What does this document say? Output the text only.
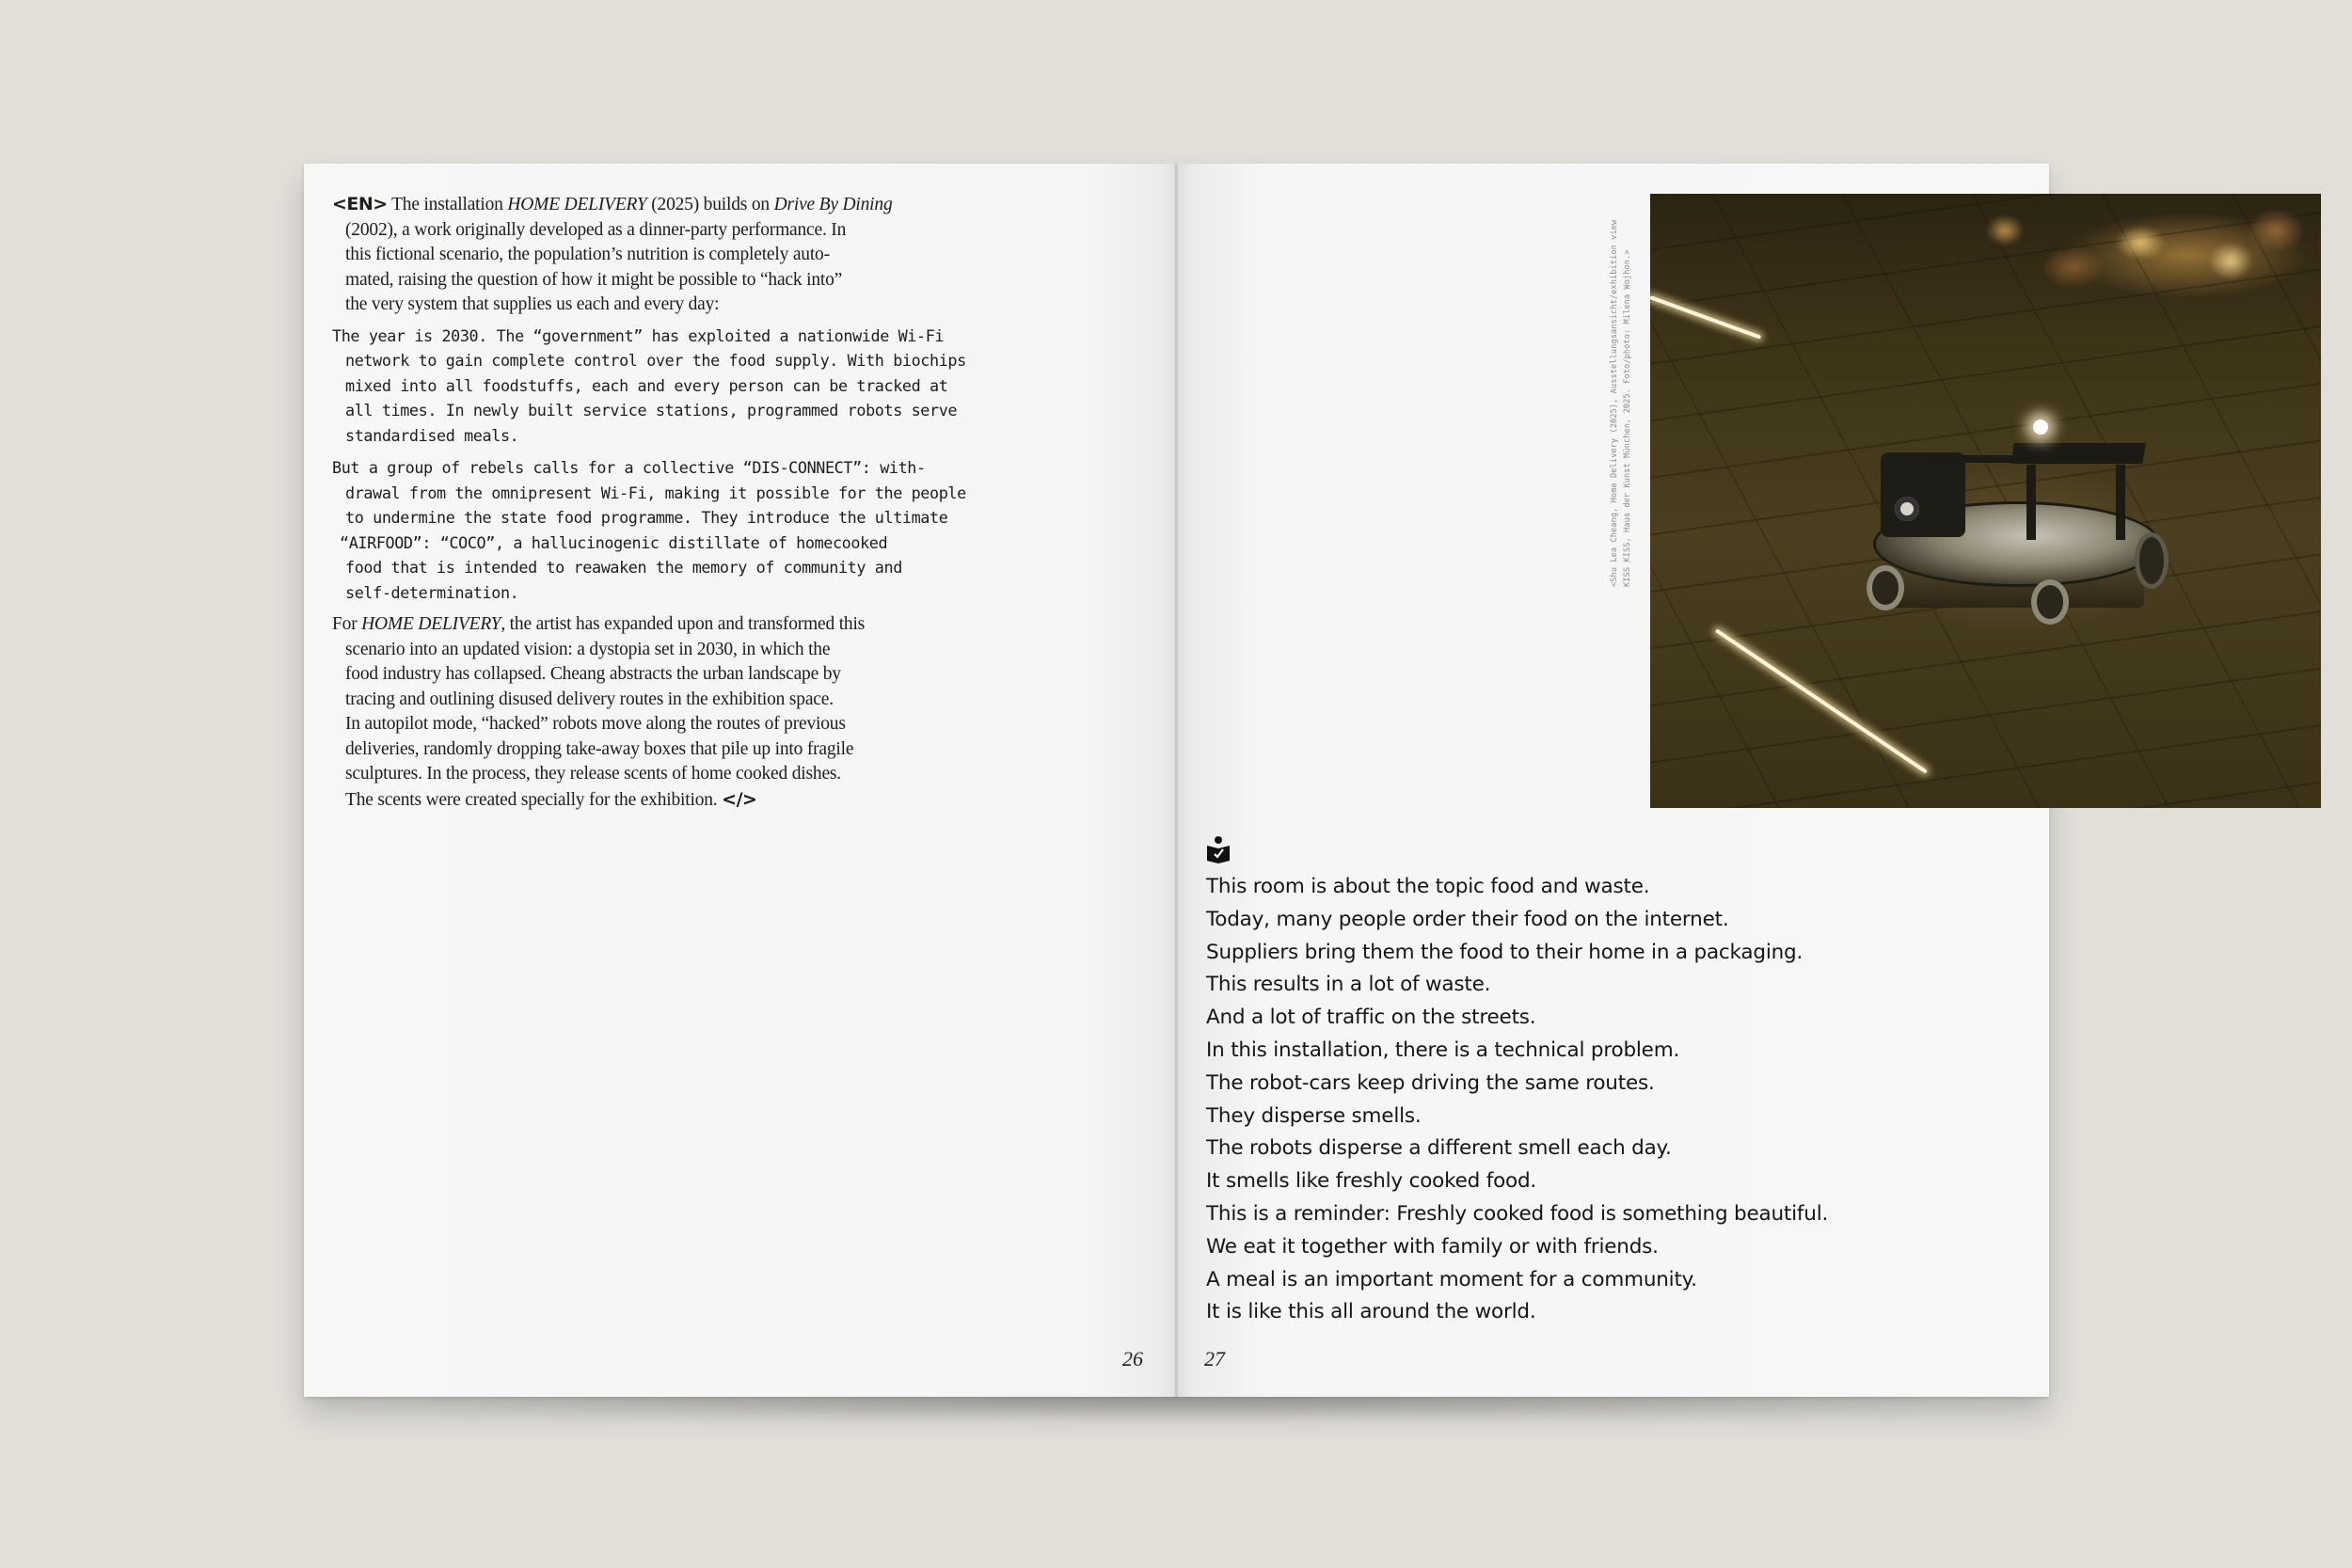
<EN> The installation HOME DELIVERY (2025) builds on Drive By Dining
(2002), a work originally developed as a dinner-party performance. In
this fictional scenario, the population’s nutrition is completely auto-
mated, raising the question of how it might be possible to “hack into”
the very system that supplies us each and every day:

The year is 2030. The “government” has exploited a nationwide Wi-Fi
network to gain complete control over the food supply. With biochips
mixed into all foodstuffs, each and every person can be tracked at
all times. In newly built service stations, programmed robots serve
standardised meals.

But a group of rebels calls for a collective “DIS-CONNECT”: with-
drawal from the omnipresent Wi-Fi, making it possible for the people
to undermine the state food programme. They introduce the ultimate
“AIRFOOD”: “COCO”, a hallucinogenic distillate of homecooked
food that is intended to reawaken the memory of community and
self-determination.

For HOME DELIVERY, the artist has expanded upon and transformed this
scenario into an updated vision: a dystopia set in 2030, in which the
food industry has collapsed. Cheang abstracts the urban landscape by
tracing and outlining disused delivery routes in the exhibition space.
In autopilot mode, “hacked” robots move along the routes of previous
deliveries, randomly dropping take-away boxes that pile up into fragile
sculptures. In the process, they release scents of home cooked dishes.
The scents were created specially for the exhibition. </>

26
<Shu Lea Cheang, Home Delivery (2025), Ausstellungsansicht/exhibition view KISS KISS, Haus der Kunst München, 2025. Foto/photo: Milena Wojhon.>
This room is about the topic food and waste.
Today, many people order their food on the internet.
Suppliers bring them the food to their home in a packaging.
This results in a lot of waste.
And a lot of traffic on the streets.
In this installation, there is a technical problem.
The robot-cars keep driving the same routes.
They disperse smells.
The robots disperse a different smell each day.
It smells like freshly cooked food.
This is a reminder: Freshly cooked food is something beautiful.
We eat it together with family or with friends.
A meal is an important moment for a community.
It is like this all around the world.
27
